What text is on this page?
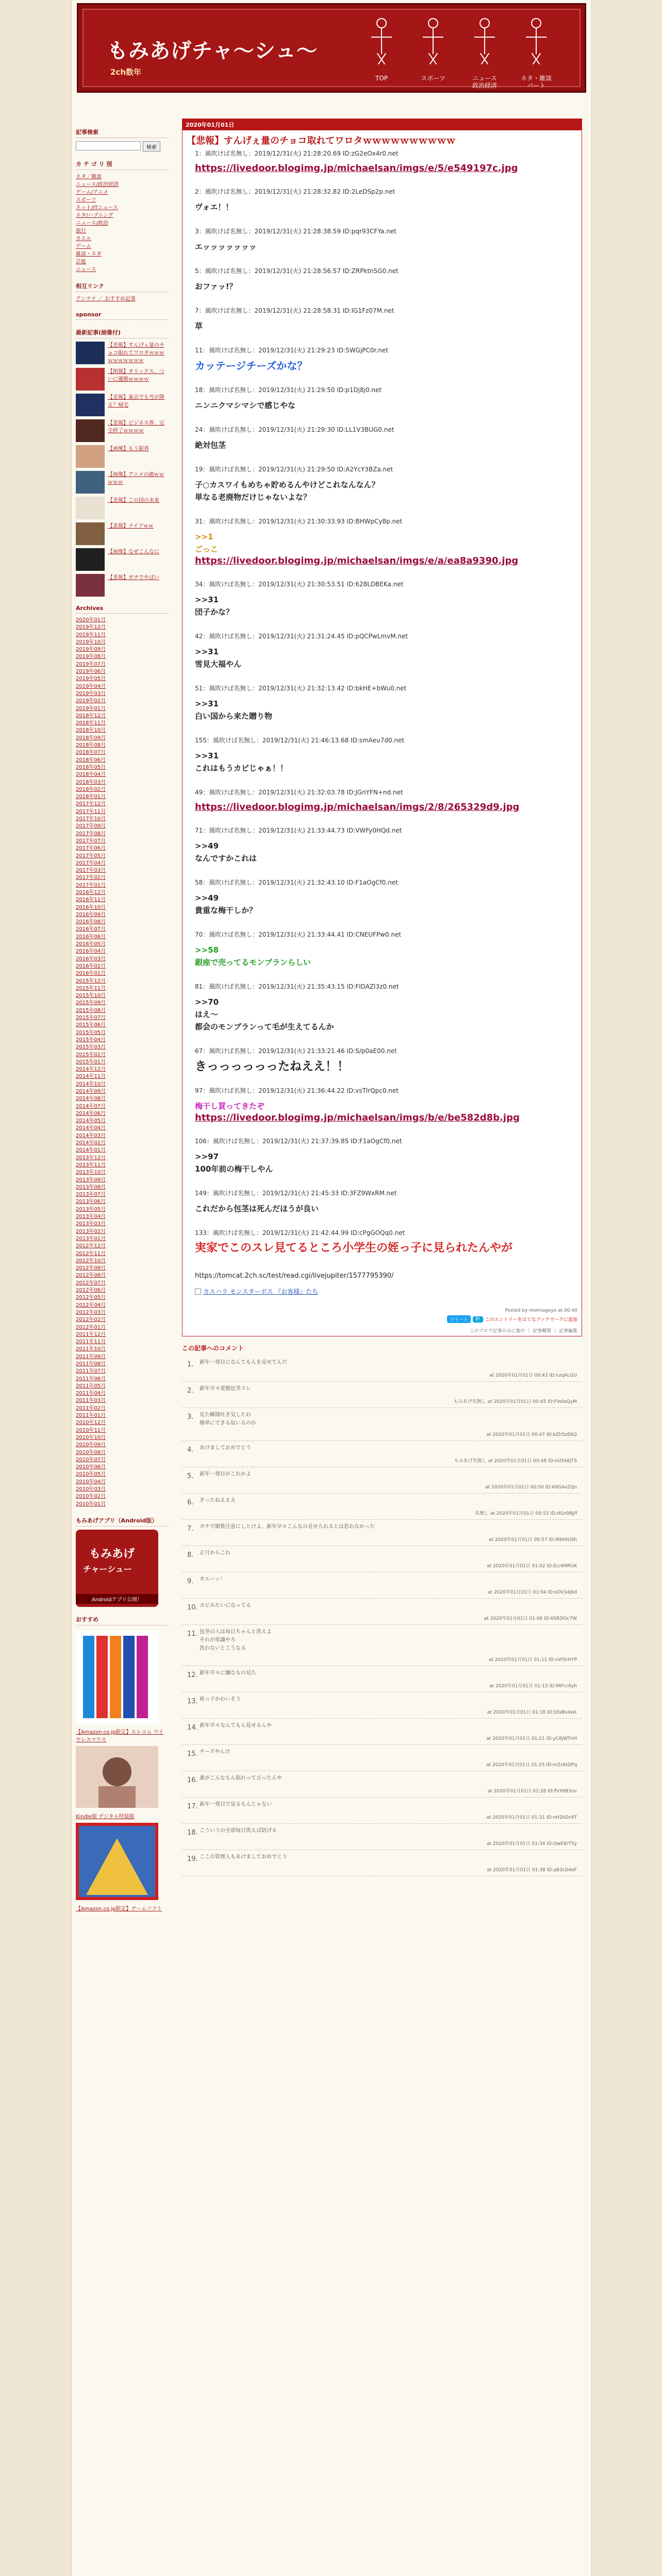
もみあげチャ～シュ～
2ch数年
TOP	スポーツ	ニュース
政治経済
ネタ・雑談
パート
記事検索
検索
カ テ ゴ リ 別
ネタ／雑談
ニュース/政治経済
ゲーム/アニメ
スポーツ
ネット/ITニュース
ネタ/ハプニング
ニュース/政治
旅行
カエル
ゲーム
雑談・ネタ
芸能
ニュース
相互リンク
アンテナ ／ おすすめ記事
sponsor
最新記事(画像付)
【悲報】すんげぇ量のチョコ取れてワロタｗｗｗｗｗｗｗｗｗｗ
【朗報】オリックス、ついに優勝ｗｗｗｗ
【悲報】東京でも雪が降る？帰宅
【悲報】ビジネス界、完全終了ｗｗｗｗ
【画像】もう限界
【画像】アニメの顔ｗｗｗｗｗ
【悲報】この国の未来
【悲報】ナイフｗｗ
【画像】なぜこんなに
【悲報】ガチでやばい
Archives
2020年01月
2019年12月
2019年11月
2019年10月
2019年09月
2019年08月
2019年07月
2019年06月
2019年05月
2019年04月
2019年03月
2019年02月
2019年01月
2018年12月
2018年11月
2018年10月
2018年09月
2018年08月
2018年07月
2018年06月
2018年05月
2018年04月
2018年03月
2018年02月
2018年01月
2017年12月
2017年11月
2017年10月
2017年09月
2017年08月
2017年07月
2017年06月
2017年05月
2017年04月
2017年03月
2017年02月
2017年01月
2016年12月
2016年11月
2016年10月
2016年09月
2016年08月
2016年07月
2016年06月
2016年05月
2016年04月
2016年03月
2016年02月
2016年01月
2015年12月
2015年11月
2015年10月
2015年09月
2015年08月
2015年07月
2015年06月
2015年05月
2015年04月
2015年03月
2015年02月
2015年01月
2014年12月
2014年11月
2014年10月
2014年09月
2014年08月
2014年07月
2014年06月
2014年05月
2014年04月
2014年03月
2014年02月
2014年01月
2013年12月
2013年11月
2013年10月
2013年09月
2013年08月
2013年07月
2013年06月
2013年05月
2013年04月
2013年03月
2013年02月
2013年01月
2012年12月
2012年11月
2012年10月
2012年09月
2012年08月
2012年07月
2012年06月
2012年05月
2012年04月
2012年03月
2012年02月
2012年01月
2011年12月
2011年11月
2011年10月
2011年09月
2011年08月
2011年07月
2011年06月
2011年05月
2011年04月
2011年03月
2011年02月
2011年01月
2010年12月
2010年11月
2010年10月
2010年09月
2010年08月
2010年07月
2010年06月
2010年05月
2010年04月
2010年03月
2010年02月
2010年01月
もみあげアプリ（Android版）
もみあげ
チャーシュー
Androidアプリ公開！
おすすめ
【Amazon.co.jp限定】エレコム ワイヤレスマウス
Kindle版 デジタル特装版
【Amazon.co.jp限定】ゲームソフト
2020年01月01日
【悲報】すんげぇ量のチョコ取れてワロタｗｗｗｗｗｗｗｗｗｗ
1：風吹けば名無し：2019/12/31(火) 21:28:20.69 ID:zG2eOx4r0.net
https://livedoor.blogimg.jp/michaelsan/imgs/e/5/e549197c.jpg
2：風吹けば名無し：2019/12/31(火) 21:28:32.82 ID:2LeDSp2p.net
ヴォエ！！
3：風吹けば名無し：2019/12/31(火) 21:28:38.59 ID:pqr93CFYa.net
エッッッッッッッ
5：風吹けば名無し：2019/12/31(火) 21:28:56.57 ID:ZRPktn5G0.net
おファッ!？
7：風吹けば名無し：2019/12/31(火) 21:28:58.31 ID:IG1Fz07M.net
草
11：風吹けば名無し：2019/12/31(火) 21:29:23 ID:5WGjPC0r.net
カッテージチーズかな？
18：風吹けば名無し：2019/12/31(火) 21:29:50 ID:p1Dj8j0.net
ニンニクマシマシで感じやな
24：風吹けば名無し：2019/12/31(火) 21:29:30 ID:LL1V3BUG0.net
絶対包茎
19：風吹けば名無し：2019/12/31(火) 21:29:50 ID:A2YcY3BZa.net
子○カスワイもめちゃ貯めるんやけどこれなんなん？
単なる老廃物だけじゃないよな？
31：風吹けば名無し：2019/12/31(火) 21:30:33.93 ID:BHWpCy8p.net
>>1
ごっこ
https://livedoor.blogimg.jp/michaelsan/imgs/e/a/ea8a9390.jpg
34：風吹けば名無し：2019/12/31(火) 21:30:53.51 ID:628LDBEKa.net
>>31
団子かな？
42：風吹けば名無し：2019/12/31(火) 21:31:24.45 ID:pQCPwLmvM.net
>>31
雪見大福やん
51：風吹けば名無し：2019/12/31(火) 21:32:13.42 ID:bkHE+bWu0.net
>>31
白い国から来た贈り物
155：風吹けば名無し：2019/12/31(火) 21:46:13.68 ID:smAeu7d0.net
>>31
これはもうカビじゃぁ！！
49：風吹けば名無し：2019/12/31(火) 21:32:03.78 ID:JGnYFN+nd.net
https://livedoor.blogimg.jp/michaelsan/imgs/2/8/265329d9.jpg
71：風吹けば名無し：2019/12/31(火) 21:33:44.73 ID:VWFy0HQd.net
>>49
なんですかこれは
58：風吹けば名無し：2019/12/31(火) 21:32:43.10 ID:F1aOgCf0.net
>>49
貴重な梅干しか？
70：風吹けば名無し：2019/12/31(火) 21:33:44.41 ID:CNEUFPw0.net
>>58
銀座で売ってるモンブランらしい
81：風吹けば名無し：2019/12/31(火) 21:35:43.15 ID:FIDAZl3z0.net
>>70
はえ～
都会のモンブランって毛が生えてるんか
67：風吹けば名無し：2019/12/31(火) 21:33:21.46 ID:S/p0aE00.net
きっっっっっったねええ！！
97：風吹けば名無し：2019/12/31(火) 21:36:44.22 ID:vsTlrQpc0.net
梅干し買ってきたぞ
https://livedoor.blogimg.jp/michaelsan/imgs/b/e/be582d8b.jpg
106：風吹けば名無し：2019/12/31(火) 21:37:39.85 ID:F1aOgCf0.net
>>97
100年前の梅干しやん
149：風吹けば名無し：2019/12/31(火) 21:45:33 ID:3FZ9WxRM.net
これだから包茎は死んだほうが良い
133：風吹けば名無し：2019/12/31(火) 21:42:44.99 ID:cPgGOQq0.net
実家でこのスレ見てるところ小学生の姪っ子に見られたんやが
https://tomcat.2ch.sc/test/read.cgi/livejupiter/1577795390/
カスハラ モンスターボス 『お客様』たち
Posted by momiageyo at 00:40
ツイート	B!	このエントリーをはてなブックマークに追加
このブログ記事のみに集中 ｜ 記事概要 ｜ 記事編集
この記事へのコメント
1. 新年一発目になんてもんを見せてんだ
at 2020年01月01日 00:43 ID:nzqALGU
2. 新年早々変態包茎スレ
もみあげ名無し at 2020年01月01日 00:45 ID:FVoloQyM
3. 見た瞬間吐き気したわ
簡単にできる奴いるのか
at 2020年01月01日 00:47 ID:bZh5zE6Q
4. あけましておめでとう
もみあげ名無し at 2020年01月01日 00:48 ID:eU5A8jTS
5. 新年一発目がこれかよ
at 2020年01月01日 00:50 ID:A9GAvZQn
6. きったねえええ
名無し at 2020年01月01日 00:53 ID:dGn9BJ/f
7. ガチで閲覧注意にしとけよ、新年早々こんなの見せられるとは思わなかった
at 2020年01月01日 00:57 ID:IRbHIUSh
8. 正月からこれ
at 2020年01月01日 01:02 ID:Ec/4MRUK
9. オエーッ！
at 2020年01月01日 01:04 ID:xOV34J6d
10. カビみたいになってる
at 2020年01月01日 01:06 ID:6SRDOc7W
11. 包茎の人は毎日ちゃんと洗えよ
それが常識やろ
洗わないとこうなる
at 2020年01月01日 01:11 ID:vVt5rHYP
12. 新年早々に嫌なもの見た
at 2020年01月01日 01:15 ID:MlFcr6yh
13. 姪っ子かわいそう
at 2020年01月01日 01:18 ID:QfaBv4wL
14. 新年早々なんてもん見せるんや
at 2020年01月01日 01:21 ID:yC8jWTnH
15. チーズやんけ
at 2020年01月01日 01:25 ID:mZs6tDPq
16. 誰がこんなもん貼れって言ったんや
at 2020年01月01日 01:28 ID:PzY6B3nv
17. 新年一発目で見るもんじゃない
at 2020年01月01日 01:31 ID:nH2kDc8T
18. こういうの全部毎日洗えば防げる
at 2020年01月01日 01:34 ID:QwE8rT5y
19. ここの管理人もあけましておめでとう
at 2020年01月01日 01:38 ID:aB3cD4eF
